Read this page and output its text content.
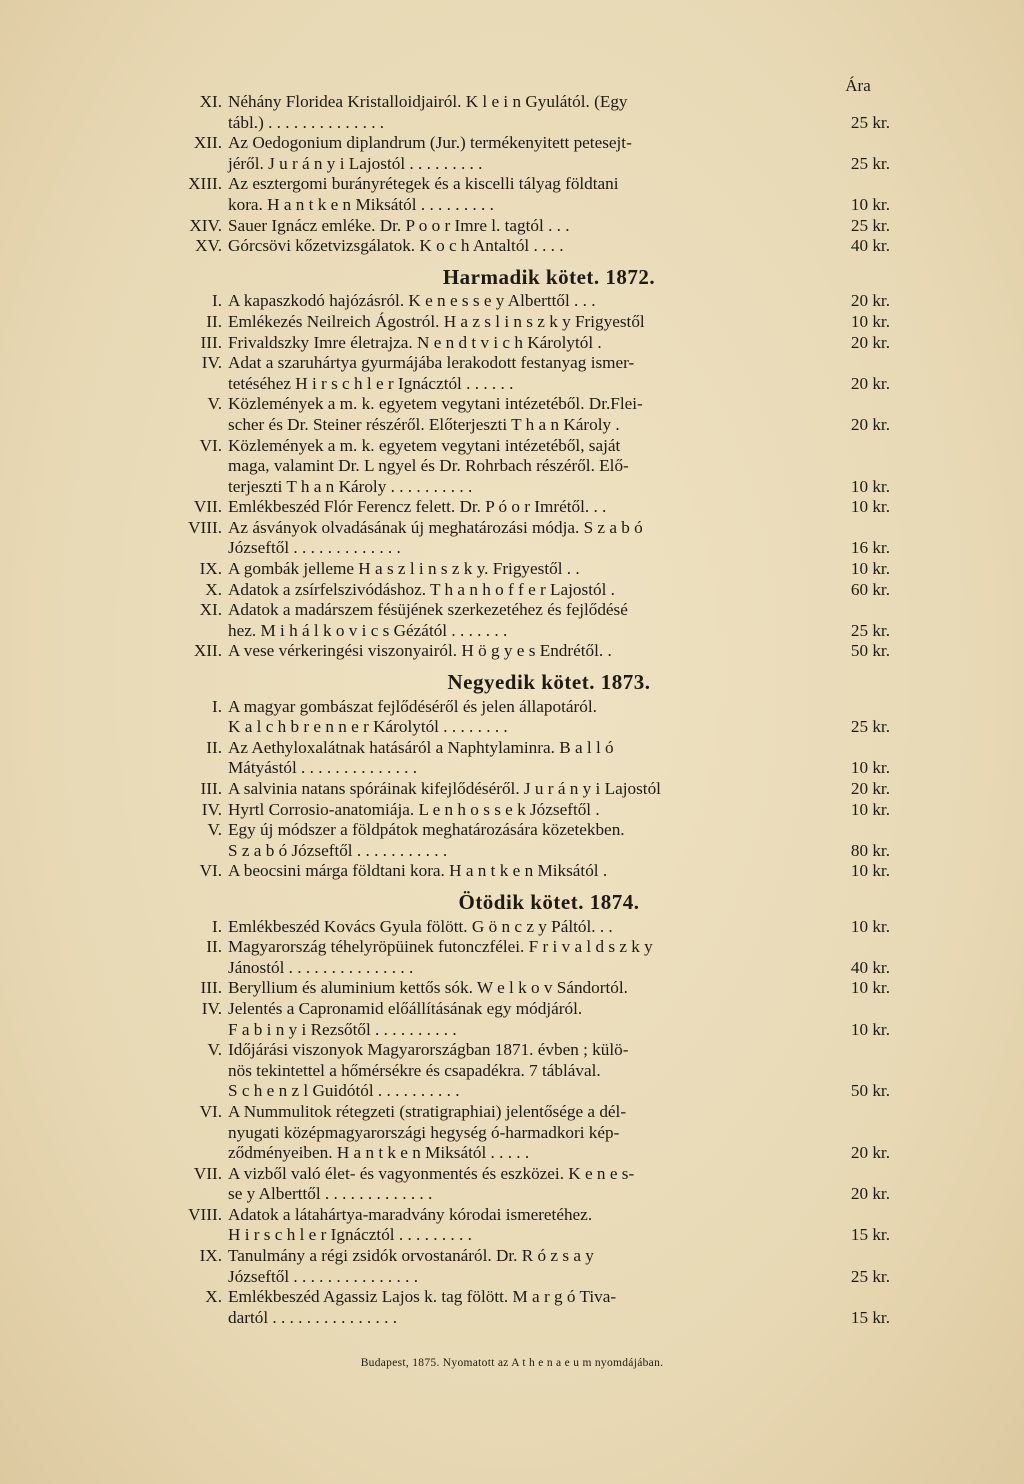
Ára
XI. Néhány Floridea Kristalloidjairól. K l e i n Gyulától. (Egy
tábl.) . . . . . . . . . . . . . .	25 kr.
XII. Az Oedogonium diplandrum (Jur.) termékenyitett petesejt-
jéről. J u r á n y i Lajostól . . . . . . . . .	25 kr.
XIII. Az esztergomi burányrétegek és a kiscelli tályag földtani
kora. H a n t k e n Miksától . . . . . . . . .	10 kr.
XIV. Sauer Ignácz emléke. Dr. P o o r Imre l. tagtól . . .	25 kr.
XV. Górcsövi kőzetvizsgálatok. K o c h Antaltól . . . .	40 kr.
Harmadik kötet. 1872.
I. A kapaszkodó hajózásról. K e n e s s e y Alberttől . . .	20 kr.
II. Emlékezés Neilreich Ágostról. H a z s l i n s z k y Frigyestől	10 kr.
III. Frivaldszky Imre életrajza. N e n d t v i c h Károlytól .	20 kr.
IV. Adat a szaruhártya gyurmájába lerakodott festanyag ismer-
tetéséhez H i r s c h l e r Ignácztól . . . . . .	20 kr.
V. Közlemények a m. k. egyetem vegytani intézetéből. Dr.Flei-
scher és Dr. Steiner részéről. Előterjeszti T h a n Károly .	20 kr.
VI. Közlemények a m. k. egyetem vegytani intézetéből, saját
maga, valamint Dr. L ngyel és Dr. Rohrbach részéről. Elő-
terjeszti T h a n Károly . . . . . . . . . .	10 kr.
VII. Emlékbeszéd Flór Ferencz felett. Dr. P ó o r Imrétől. . .	10 kr.
VIII. Az ásványok olvadásának új meghatározási módja. S z a b ó
Józseftől . . . . . . . . . . . . .	16 kr.
IX. A gombák jelleme H a s z l i n s z k y. Frigyestől . .	10 kr.
X. Adatok a zsírfelszivódáshoz. T h a n h o f f e r Lajostól .	60 kr.
XI. Adatok a madárszem fésüjének szerkezetéhez és fejlődésé
hez. M i h á l k o v i c s Gézától . . . . . . .	25 kr.
XII. A vese vérkeringési viszonyairól. H ö g y e s Endrétől. .	50 kr.
Negyedik kötet. 1873.
I. A magyar gombászat fejlődéséről és jelen állapotáról.
K a l c h b r e n n e r Károlytól . . . . . . . .	25 kr.
II. Az Aethyloxalátnak hatásáról a Naphtylaminra. B a l l ó
Mátyástól . . . . . . . . . . . . . .	10 kr.
III. A salvinia natans spóráinak kifejlődéséről. J u r á n y i Lajostól	20 kr.
IV. Hyrtl Corrosio-anatomiája. L e n h o s s e k Józseftől .	10 kr.
V. Egy új módszer a földpátok meghatározására közetekben.
S z a b ó Józseftől . . . . . . . . . . .	80 kr.
VI. A beocsini márga földtani kora. H a n t k e n Miksától .	10 kr.
Ötödik kötet. 1874.
I. Emlékbeszéd Kovács Gyula fölött. G ö n c z y Páltól. . .	10 kr.
II. Magyarország téhelyröpüinek futonczfélei. F r i v a l d s z k y
Jánostól . . . . . . . . . . . . . . .	40 kr.
III. Beryllium és aluminium kettős sók. W e l k o v Sándortól.	10 kr.
IV. Jelentés a Capronamid előállításának egy módjáról.
F a b i n y i Rezsőtől . . . . . . . . . .	10 kr.
V. Időjárási viszonyok Magyarországban 1871. évben ; külö-
nös tekintettel a hőmérsékre és csapadékra. 7 táblával.
S c h e n z l Guidótól . . . . . . . . . .	50 kr.
VI. A Nummulitok rétegzeti (stratigraphiai) jelentősége a dél-
nyugati középmagyarországi hegység ó-harmadkori kép-
ződményeiben. H a n t k e n Miksától . . . . .	20 kr.
VII. A vizből való élet- és vagyonmentés és eszközei. K e n e s-
se y Alberttől . . . . . . . . . . . . .	20 kr.
VIII. Adatok a látahártya-maradvány kórodai ismeretéhez.
H i r s c h l e r Ignácztól . . . . . . . . .	15 kr.
IX. Tanulmány a régi zsidók orvostanáról. Dr. R ó z s a y
Józseftől . . . . . . . . . . . . . . .	25 kr.
X. Emlékbeszéd Agassiz Lajos k. tag fölött. M a r g ó Tiva-
dartól . . . . . . . . . . . . . . .	15 kr.
Budapest, 1875. Nyomatott az A t h e n a e u m nyomdájában.
